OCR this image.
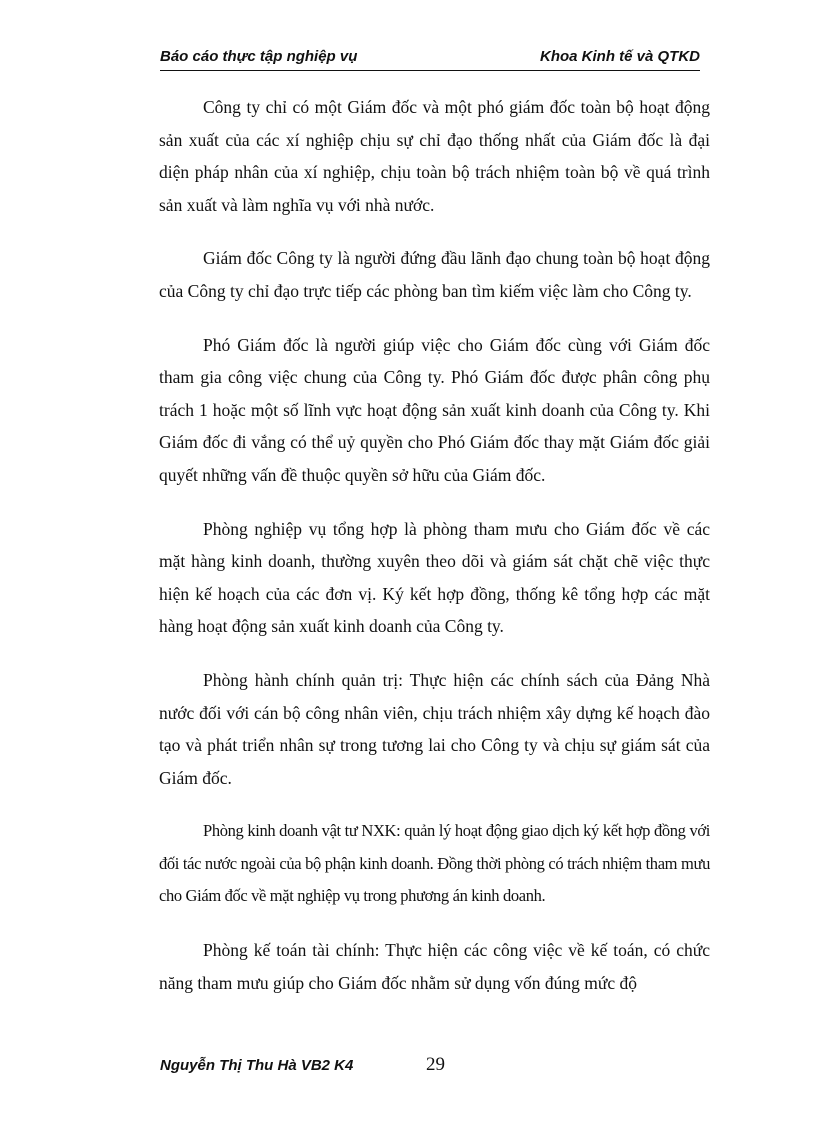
Báo cáo thực tập nghiệp vụ	Khoa Kinh tế và QTKD

Công ty chỉ có một Giám đốc và một phó giám đốc toàn bộ hoạt động sản xuất của các xí nghiệp chịu sự chỉ đạo thống nhất của Giám đốc là đại diện pháp nhân của xí nghiệp, chịu toàn bộ trách nhiệm toàn bộ về quá trình sản xuất và làm nghĩa vụ với nhà nước.

Giám đốc Công ty là người đứng đầu lãnh đạo chung toàn bộ hoạt động của Công ty chỉ đạo trực tiếp các phòng ban tìm kiếm việc làm cho Công ty.

Phó Giám đốc là người giúp việc cho Giám đốc cùng với Giám đốc tham gia công việc chung của Công ty. Phó Giám đốc được phân công phụ trách 1 hoặc một số lĩnh vực hoạt động sản xuất kinh doanh của Công ty. Khi Giám đốc đi vắng có thể uỷ quyền cho Phó Giám đốc thay mặt Giám đốc giải quyết những vấn đề thuộc quyền sở hữu của Giám đốc.

Phòng nghiệp vụ tổng hợp là phòng tham mưu cho Giám đốc về các mặt hàng kinh doanh, thường xuyên theo dõi và giám sát chặt chẽ việc thực hiện kế hoạch của các đơn vị. Ký kết hợp đồng, thống kê tổng hợp các mặt hàng hoạt động sản xuất kinh doanh của Công ty.

Phòng hành chính quản trị: Thực hiện các chính sách của Đảng Nhà nước đối với cán bộ công nhân viên, chịu trách nhiệm xây dựng kế hoạch đào tạo và phát triển nhân sự trong tương lai cho Công ty và chịu sự giám sát của Giám đốc.

Phòng kinh doanh vật tư NXK: quản lý hoạt động giao dịch ký kết hợp đồng với đối tác nước ngoài của bộ phận kinh doanh. Đồng thời phòng có trách nhiệm tham mưu cho Giám đốc về mặt nghiệp vụ trong phương án kinh doanh.

Phòng kế toán tài chính: Thực hiện các công việc về kế toán, có chức năng tham mưu giúp cho Giám đốc nhằm sử dụng vốn đúng mức độ

Nguyễn Thị Thu Hà VB2 K4	29
